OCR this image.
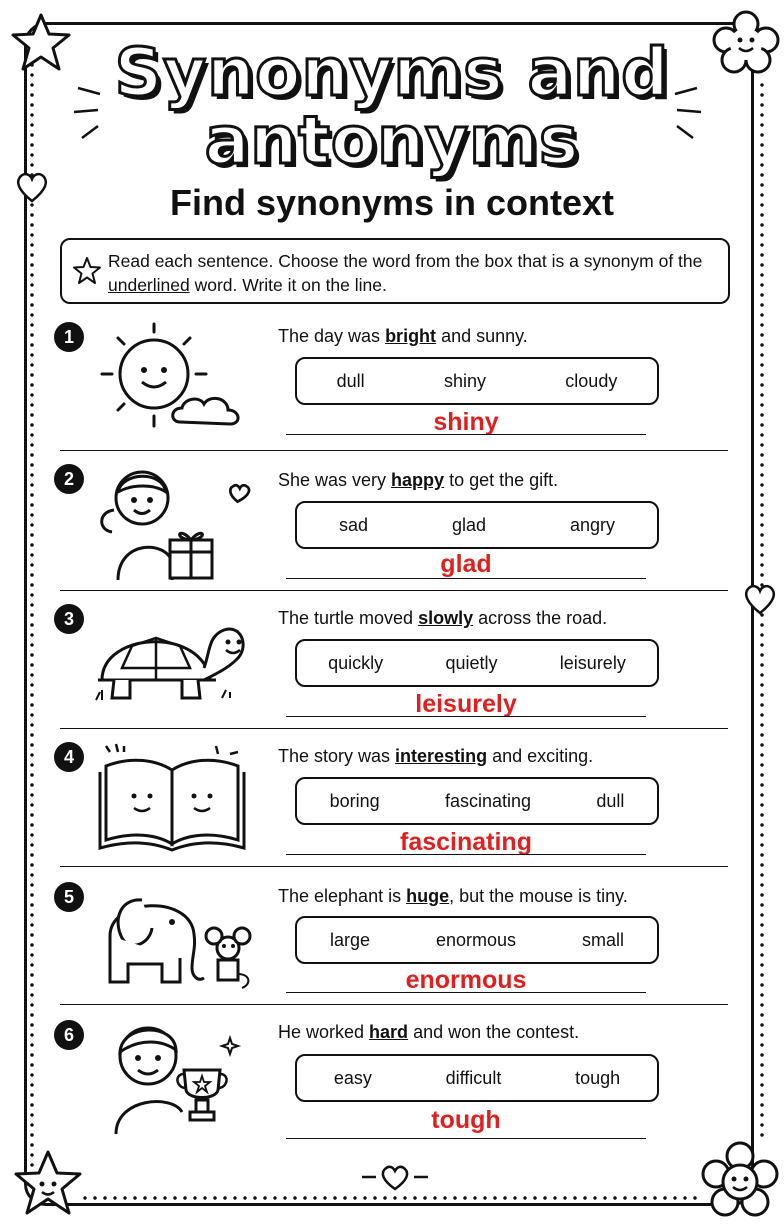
Synonyms and
antonyms
Find synonyms in context
Read each sentence. Choose the word from the box that is a synonym of the underlined word. Write it on the line.
1	The day was bright and sunny.
dull	shiny	cloudy
shiny
2	She was very happy to get the gift.
sad	glad	angry
glad
3	The turtle moved slowly across the road.
quickly	quietly	leisurely
leisurely
4	The story was interesting and exciting.
boring	fascinating	dull
fascinating
5	The elephant is huge, but the mouse is tiny.
large	enormous	small
enormous
6	He worked hard and won the contest.
easy	difficult	tough
tough
